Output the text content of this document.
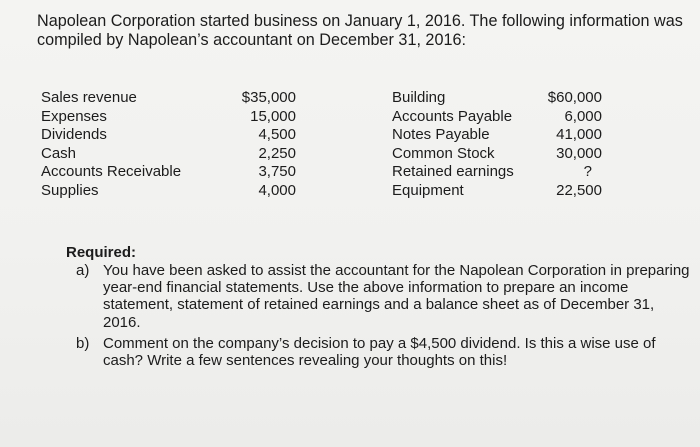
Napolean Corporation started business on January 1, 2016. The following information was
compiled by Napolean’s accountant on December 31, 2016:
Sales revenue
Expenses
Dividends
Cash
Accounts Receivable
Supplies
$35,000
15,000
4,500
2,250
3,750
4,000
Building
Accounts Payable
Notes Payable
Common Stock
Retained earnings
Equipment
$60,000
6,000
41,000
30,000
?
22,500
Required:
a) You have been asked to assist the accountant for the Napolean Corporation in preparing
year-end financial statements. Use the above information to prepare an income
statement, statement of retained earnings and a balance sheet as of December 31,
2016.
b) Comment on the company’s decision to pay a $4,500 dividend. Is this a wise use of
cash? Write a few sentences revealing your thoughts on this!
